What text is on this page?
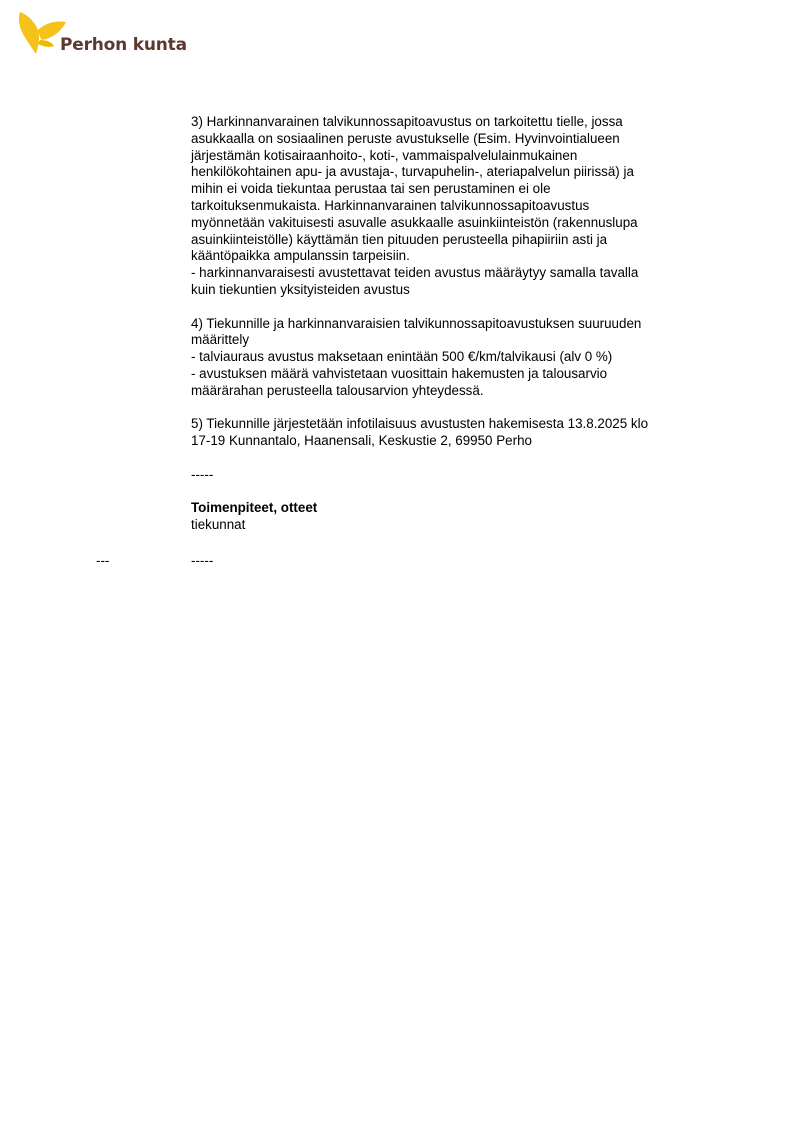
Perhon kunta
3) Harkinnanvarainen talvikunnossapitoavustus on tarkoitettu tielle, jossa
asukkaalla on sosiaalinen peruste avustukselle (Esim. Hyvinvointialueen
järjestämän kotisairaanhoito-, koti-, vammaispalvelulainmukainen
henkilökohtainen apu- ja avustaja-, turvapuhelin-, ateriapalvelun piirissä) ja
mihin ei voida tiekuntaa perustaa tai sen perustaminen ei ole
tarkoituksenmukaista. Harkinnanvarainen talvikunnossapitoavustus
myönnetään vakituisesti asuvalle asukkaalle asuinkiinteistön (rakennuslupa
asuinkiinteistölle) käyttämän tien pituuden perusteella pihapiiriin asti ja
kääntöpaikka ampulanssin tarpeisiin.
- harkinnanvaraisesti avustettavat teiden avustus määräytyy samalla tavalla
kuin tiekuntien yksityisteiden avustus
4) Tiekunnille ja harkinnanvaraisien talvikunnossapitoavustuksen suuruuden
määrittely
- talviauraus avustus maksetaan enintään 500 €/km/talvikausi (alv 0 %)
- avustuksen määrä vahvistetaan vuosittain hakemusten ja talousarvio
määrärahan perusteella talousarvion yhteydessä.
5) Tiekunnille järjestetään infotilaisuus avustusten hakemisesta 13.8.2025 klo
17-19 Kunnantalo, Haanensali, Keskustie 2, 69950 Perho
-----
Toimenpiteet, otteet
tiekunnat
---	-----
